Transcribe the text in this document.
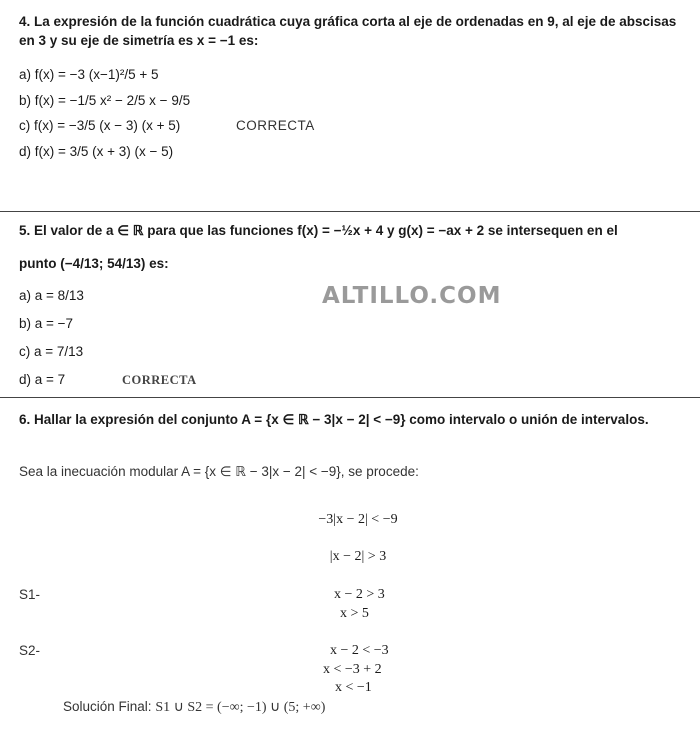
4. La expresión de la función cuadrática cuya gráfica corta al eje de ordenadas en 9, al eje de abscisas
en 3 y su eje de simetría es x = −1 es:
a) f(x) = −3 (x−1)²/5 + 5
b) f(x) = −1/5 x² − 2/5 x − 9/5
c) f(x) = −3/5 (x − 3) (x + 5)	CORRECTA
d) f(x) = 3/5 (x + 3) (x − 5)
5. El valor de a ∈ ℝ para que las funciones f(x) = −½x + 4 y g(x) = −ax + 2 se intersequen en el
punto (−4/13; 54/13) es:
a) a = 8/13	ALTILLO.COM
b) a = −7
c) a = 7/13
d) a = 7	CORRECTA
6. Hallar la expresión del conjunto A = {x ∈ ℝ − 3|x − 2| < −9} como intervalo o unión de intervalos.
Sea la inecuación modular A = {x ∈ ℝ − 3|x − 2| < −9}, se procede:
−3|x − 2| < −9
|x − 2| > 3
S1-	x − 2 > 3
x > 5
S2-	x − 2 < −3
x < −3 + 2
x < −1
Solución Final: S1 ∪ S2 = (−∞; −1) ∪ (5; +∞)
